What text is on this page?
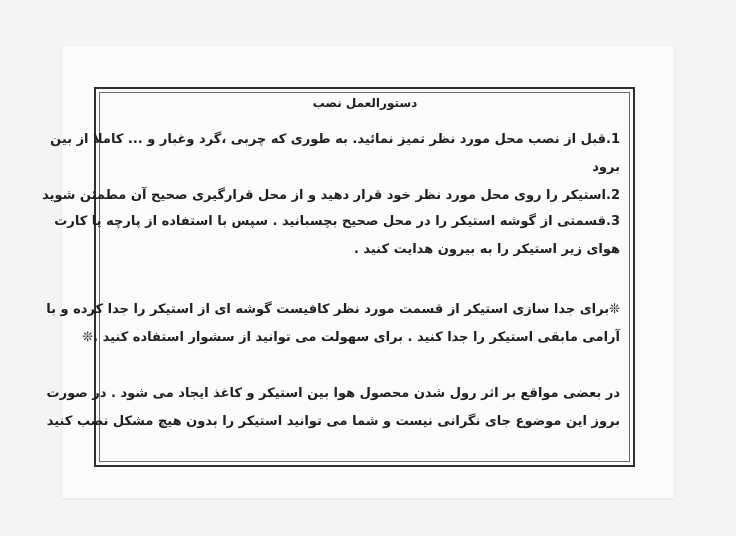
دستورالعمل نصب
1.قبل از نصب محل مورد نظر تمیز نمائید. به طوری که چربی ،گرد وغبار و ... کاملا از بین
برود
2.استیکر را روی محل مورد نظر خود قرار دهید و از محل قرارگیری صحیح آن مطمئن شوید
3.قسمتی از گوشه استیکر را در محل صحیح بچسبانید . سپس با استفاده از پارچه یا کارت
هوای زیر استیکر را به بیرون هدایت کنید .
❊برای جدا سازی استیکر از قسمت مورد نظر کافیست گوشه ای از استیکر را جدا کرده و با
آرامی مابقی استیکر را جدا کنید . برای سهولت می توانید از سشوار استفاده کنید .❊
در بعضی مواقع بر اثر رول شدن محصول هوا بین استیکر و کاغذ ایجاد می شود . در صورت
بروز این موضوع جای نگرانی نیست و شما می توانید استیکر را بدون هیچ مشکل نصب کنید
